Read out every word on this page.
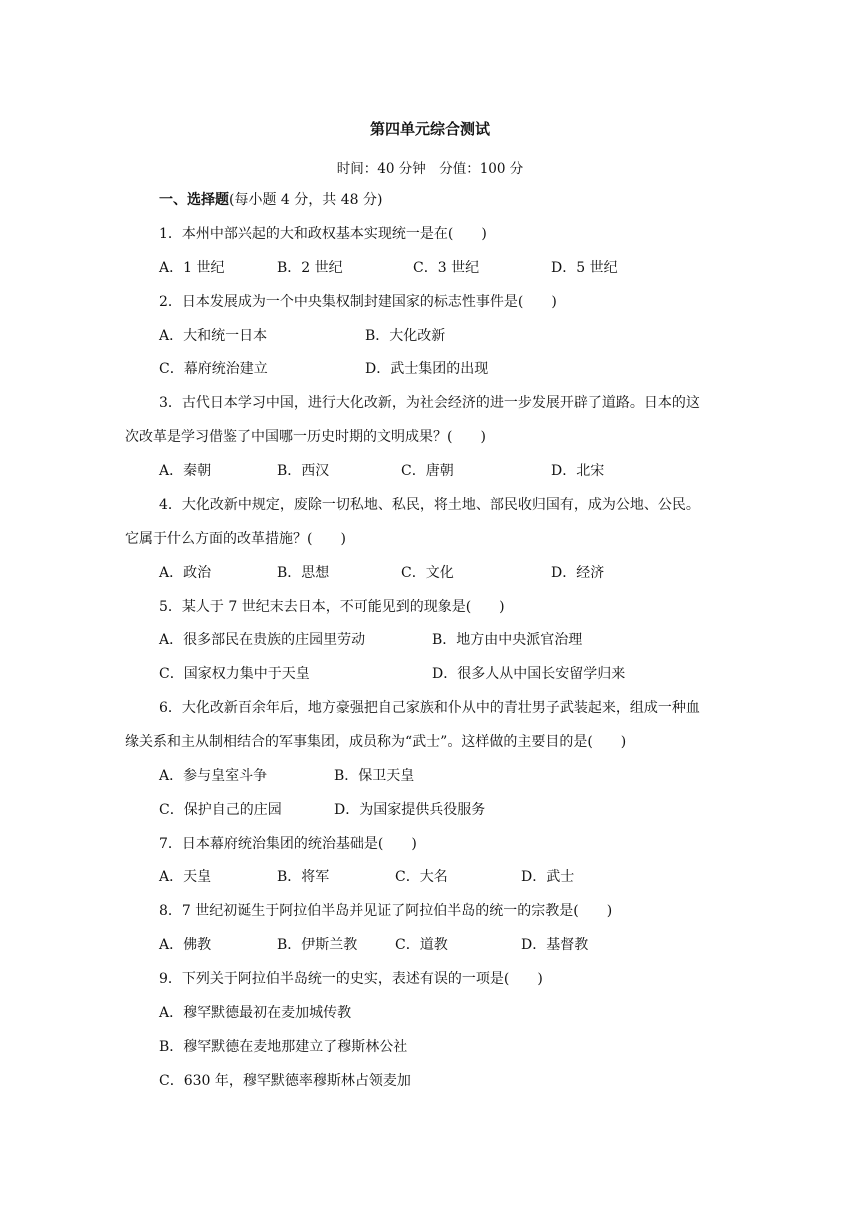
第四单元综合测试
时间：40 分钟　分值：100 分
一、选择题(每小题 4 分，共 48 分)
1．本州中部兴起的大和政权基本实现统一是在(　　)
A．1 世纪	B．2 世纪	C．3 世纪	D．5 世纪
2．日本发展成为一个中央集权制封建国家的标志性事件是(　　)
A．大和统一日本	B．大化改新
C．幕府统治建立	D．武士集团的出现
3．古代日本学习中国，进行大化改新，为社会经济的进一步发展开辟了道路。日本的这
次改革是学习借鉴了中国哪一历史时期的文明成果？(　　)
A．秦朝	B．西汉	C．唐朝	D．北宋
4．大化改新中规定，废除一切私地、私民，将土地、部民收归国有，成为公地、公民。
它属于什么方面的改革措施？(　　)
A．政治	B．思想	C．文化	D．经济
5．某人于 7 世纪末去日本，不可能见到的现象是(　　)
A．很多部民在贵族的庄园里劳动	B．地方由中央派官治理
C．国家权力集中于天皇	D．很多人从中国长安留学归来
6．大化改新百余年后，地方豪强把自己家族和仆从中的青壮男子武装起来，组成一种血
缘关系和主从制相结合的军事集团，成员称为“武士”。这样做的主要目的是(　　)
A．参与皇室斗争	B．保卫天皇
C．保护自己的庄园	D．为国家提供兵役服务
7．日本幕府统治集团的统治基础是(　　)
A．天皇	B．将军	C．大名	D．武士
8．7 世纪初诞生于阿拉伯半岛并见证了阿拉伯半岛的统一的宗教是(　　)
A．佛教	B．伊斯兰教	C．道教	D．基督教
9．下列关于阿拉伯半岛统一的史实，表述有误的一项是(　　)
A．穆罕默德最初在麦加城传教
B．穆罕默德在麦地那建立了穆斯林公社
C．630 年，穆罕默德率穆斯林占领麦加
